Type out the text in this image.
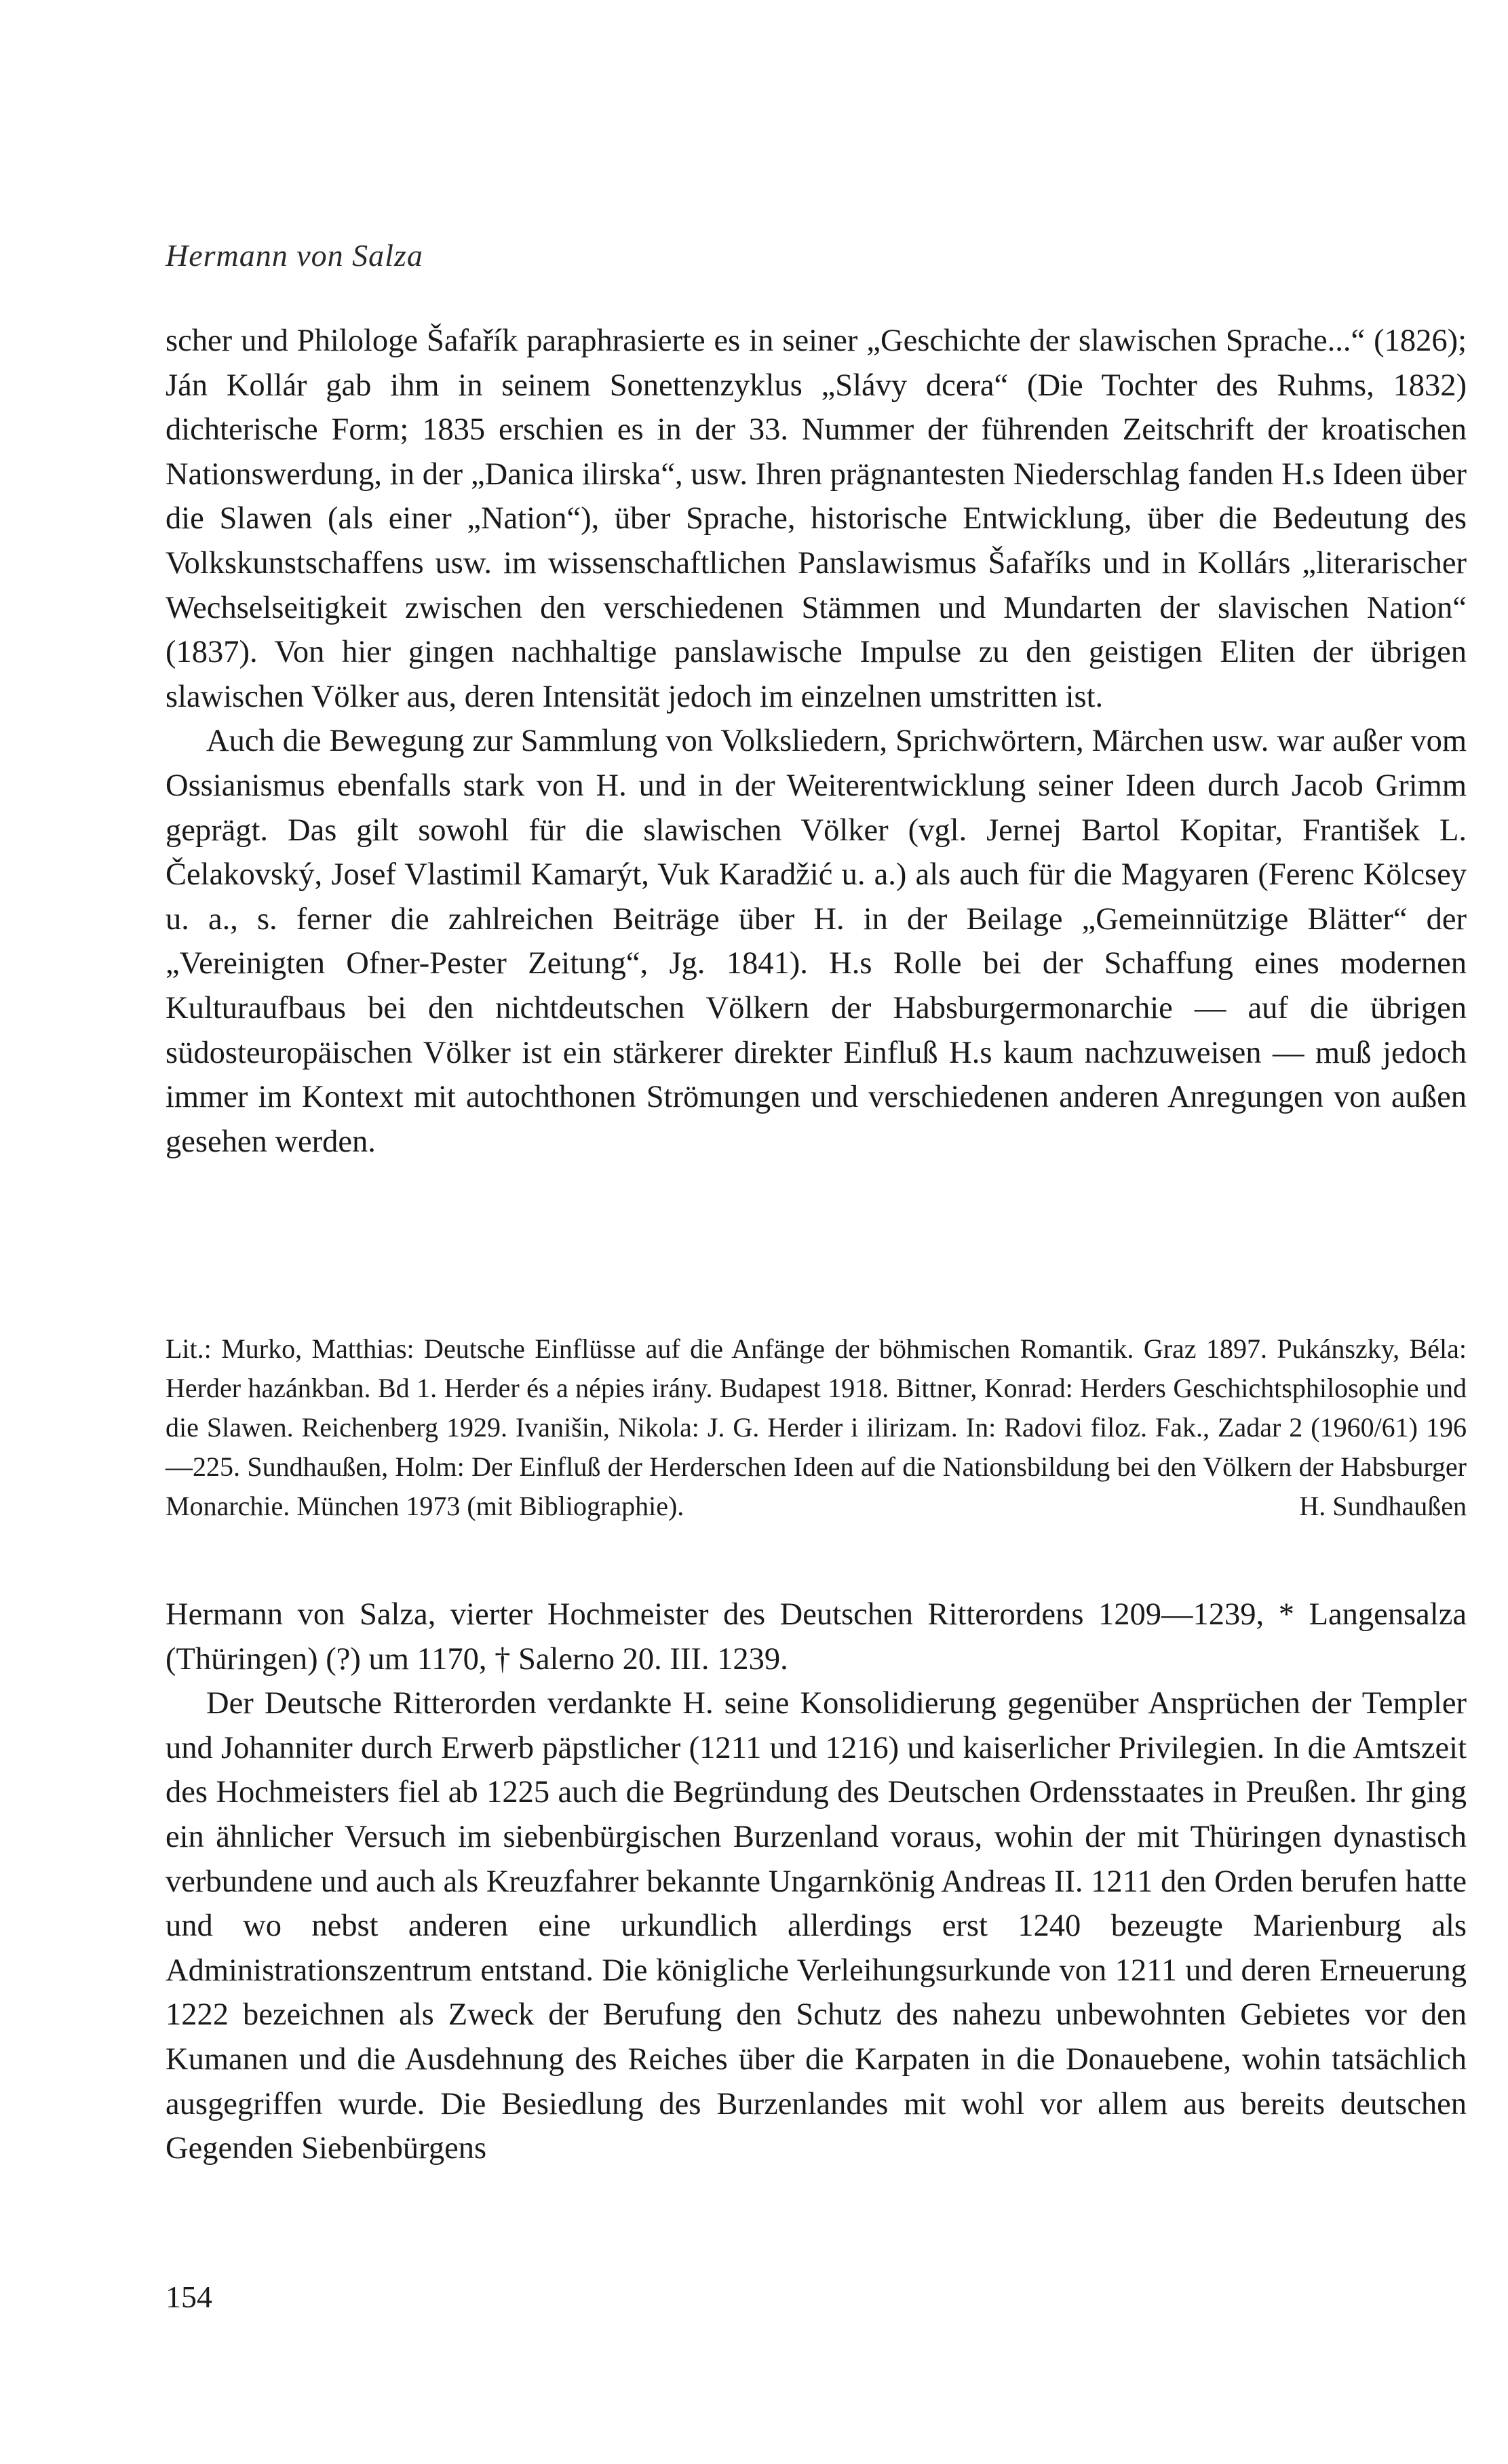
Hermann von Salza

scher und Philologe Šafařík paraphrasierte es in seiner „Geschichte der slawischen Sprache...“ (1826); Ján Kollár gab ihm in seinem Sonettenzyklus „Slávy dcera“ (Die Tochter des Ruhms, 1832) dichterische Form; 1835 erschien es in der 33. Nummer der führenden Zeitschrift der kroatischen Nationswerdung, in der „Danica ilirska“, usw. Ihren prägnantesten Niederschlag fanden H.s Ideen über die Slawen (als einer „Nation“), über Sprache, historische Entwicklung, über die Bedeutung des Volkskunstschaffens usw. im wissenschaftlichen Panslawismus Šafaříks und in Kollárs „literarischer Wechselseitigkeit zwischen den verschiedenen Stämmen und Mundarten der slavischen Nation“ (1837). Von hier gingen nachhaltige panslawische Impulse zu den geistigen Eliten der übrigen slawischen Völker aus, deren Intensität jedoch im einzelnen umstritten ist.

Auch die Bewegung zur Sammlung von Volksliedern, Sprichwörtern, Märchen usw. war außer vom Ossianismus ebenfalls stark von H. und in der Weiterentwicklung seiner Ideen durch Jacob Grimm geprägt. Das gilt sowohl für die slawischen Völker (vgl. Jernej Bartol Kopitar, František L. Čelakovský, Josef Vlastimil Kamarýt, Vuk Karadžić u. a.) als auch für die Magyaren (Ferenc Kölcsey u. a., s. ferner die zahlreichen Beiträge über H. in der Beilage „Gemeinnützige Blätter“ der „Vereinigten Ofner-Pester Zeitung“, Jg. 1841). H.s Rolle bei der Schaffung eines modernen Kulturaufbaus bei den nichtdeutschen Völkern der Habsburgermonarchie — auf die übrigen südosteuropäischen Völker ist ein stärkerer direkter Einfluß H.s kaum nachzuweisen — muß jedoch immer im Kontext mit autochthonen Strömungen und verschiedenen anderen Anregungen von außen gesehen werden.

Lit.: Murko, Matthias: Deutsche Einflüsse auf die Anfänge der böhmischen Romantik. Graz 1897. Pukánszky, Béla: Herder hazánkban. Bd 1. Herder és a népies irány. Budapest 1918. Bittner, Konrad: Herders Geschichtsphilosophie und die Slawen. Reichenberg 1929. Ivanišin, Nikola: J. G. Herder i ilirizam. In: Radovi filoz. Fak., Zadar 2 (1960/61) 196—225. Sundhaußen, Holm: Der Einfluß der Herderschen Ideen auf die Nationsbildung bei den Völkern der Habsburger Monarchie. München 1973 (mit Bibliographie).	H. Sundhaußen

Hermann von Salza, vierter Hochmeister des Deutschen Ritterordens 1209—1239, * Langensalza (Thüringen) (?) um 1170, † Salerno 20. III. 1239.

Der Deutsche Ritterorden verdankte H. seine Konsolidierung gegenüber Ansprüchen der Templer und Johanniter durch Erwerb päpstlicher (1211 und 1216) und kaiserlicher Privilegien. In die Amtszeit des Hochmeisters fiel ab 1225 auch die Begründung des Deutschen Ordensstaates in Preußen. Ihr ging ein ähnlicher Versuch im siebenbürgischen Burzenland voraus, wohin der mit Thüringen dynastisch verbundene und auch als Kreuzfahrer bekannte Ungarnkönig Andreas II. 1211 den Orden berufen hatte und wo nebst anderen eine urkundlich allerdings erst 1240 bezeugte Marienburg als Administrationszentrum entstand. Die königliche Verleihungsurkunde von 1211 und deren Erneuerung 1222 bezeichnen als Zweck der Berufung den Schutz des nahezu unbewohnten Gebietes vor den Kumanen und die Ausdehnung des Reiches über die Karpaten in die Donauebene, wohin tatsächlich ausgegriffen wurde. Die Besiedlung des Burzenlandes mit wohl vor allem aus bereits deutschen Gegenden Siebenbürgens

154
